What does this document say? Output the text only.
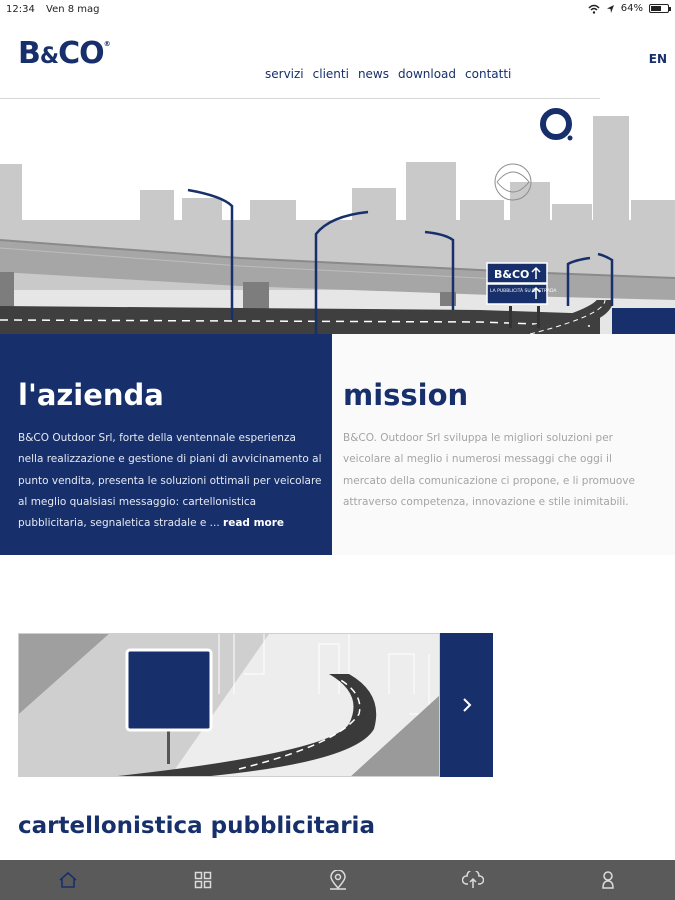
12:34 Ven 8 mag	64%
B&CO®
servizi clienti news download contatti
EN
B&CO
LA PUBBLICITÀ SU DI STRADA
l'azienda

B&CO Outdoor Srl, forte della ventennale esperienza nella realizzazione e gestione di piani di avvicinamento al punto vendita, presenta le soluzioni ottimali per veicolare al meglio qualsiasi messaggio: cartellonistica pubblicitaria, segnaletica stradale e ... read more

mission

B&CO. Outdoor Srl sviluppa le migliori soluzioni per veicolare al meglio i numerosi messaggi che oggi il mercato della comunicazione ci propone, e li promuove attraverso competenza, innovazione e stile inimitabili.

cartellonistica pubblicitaria
